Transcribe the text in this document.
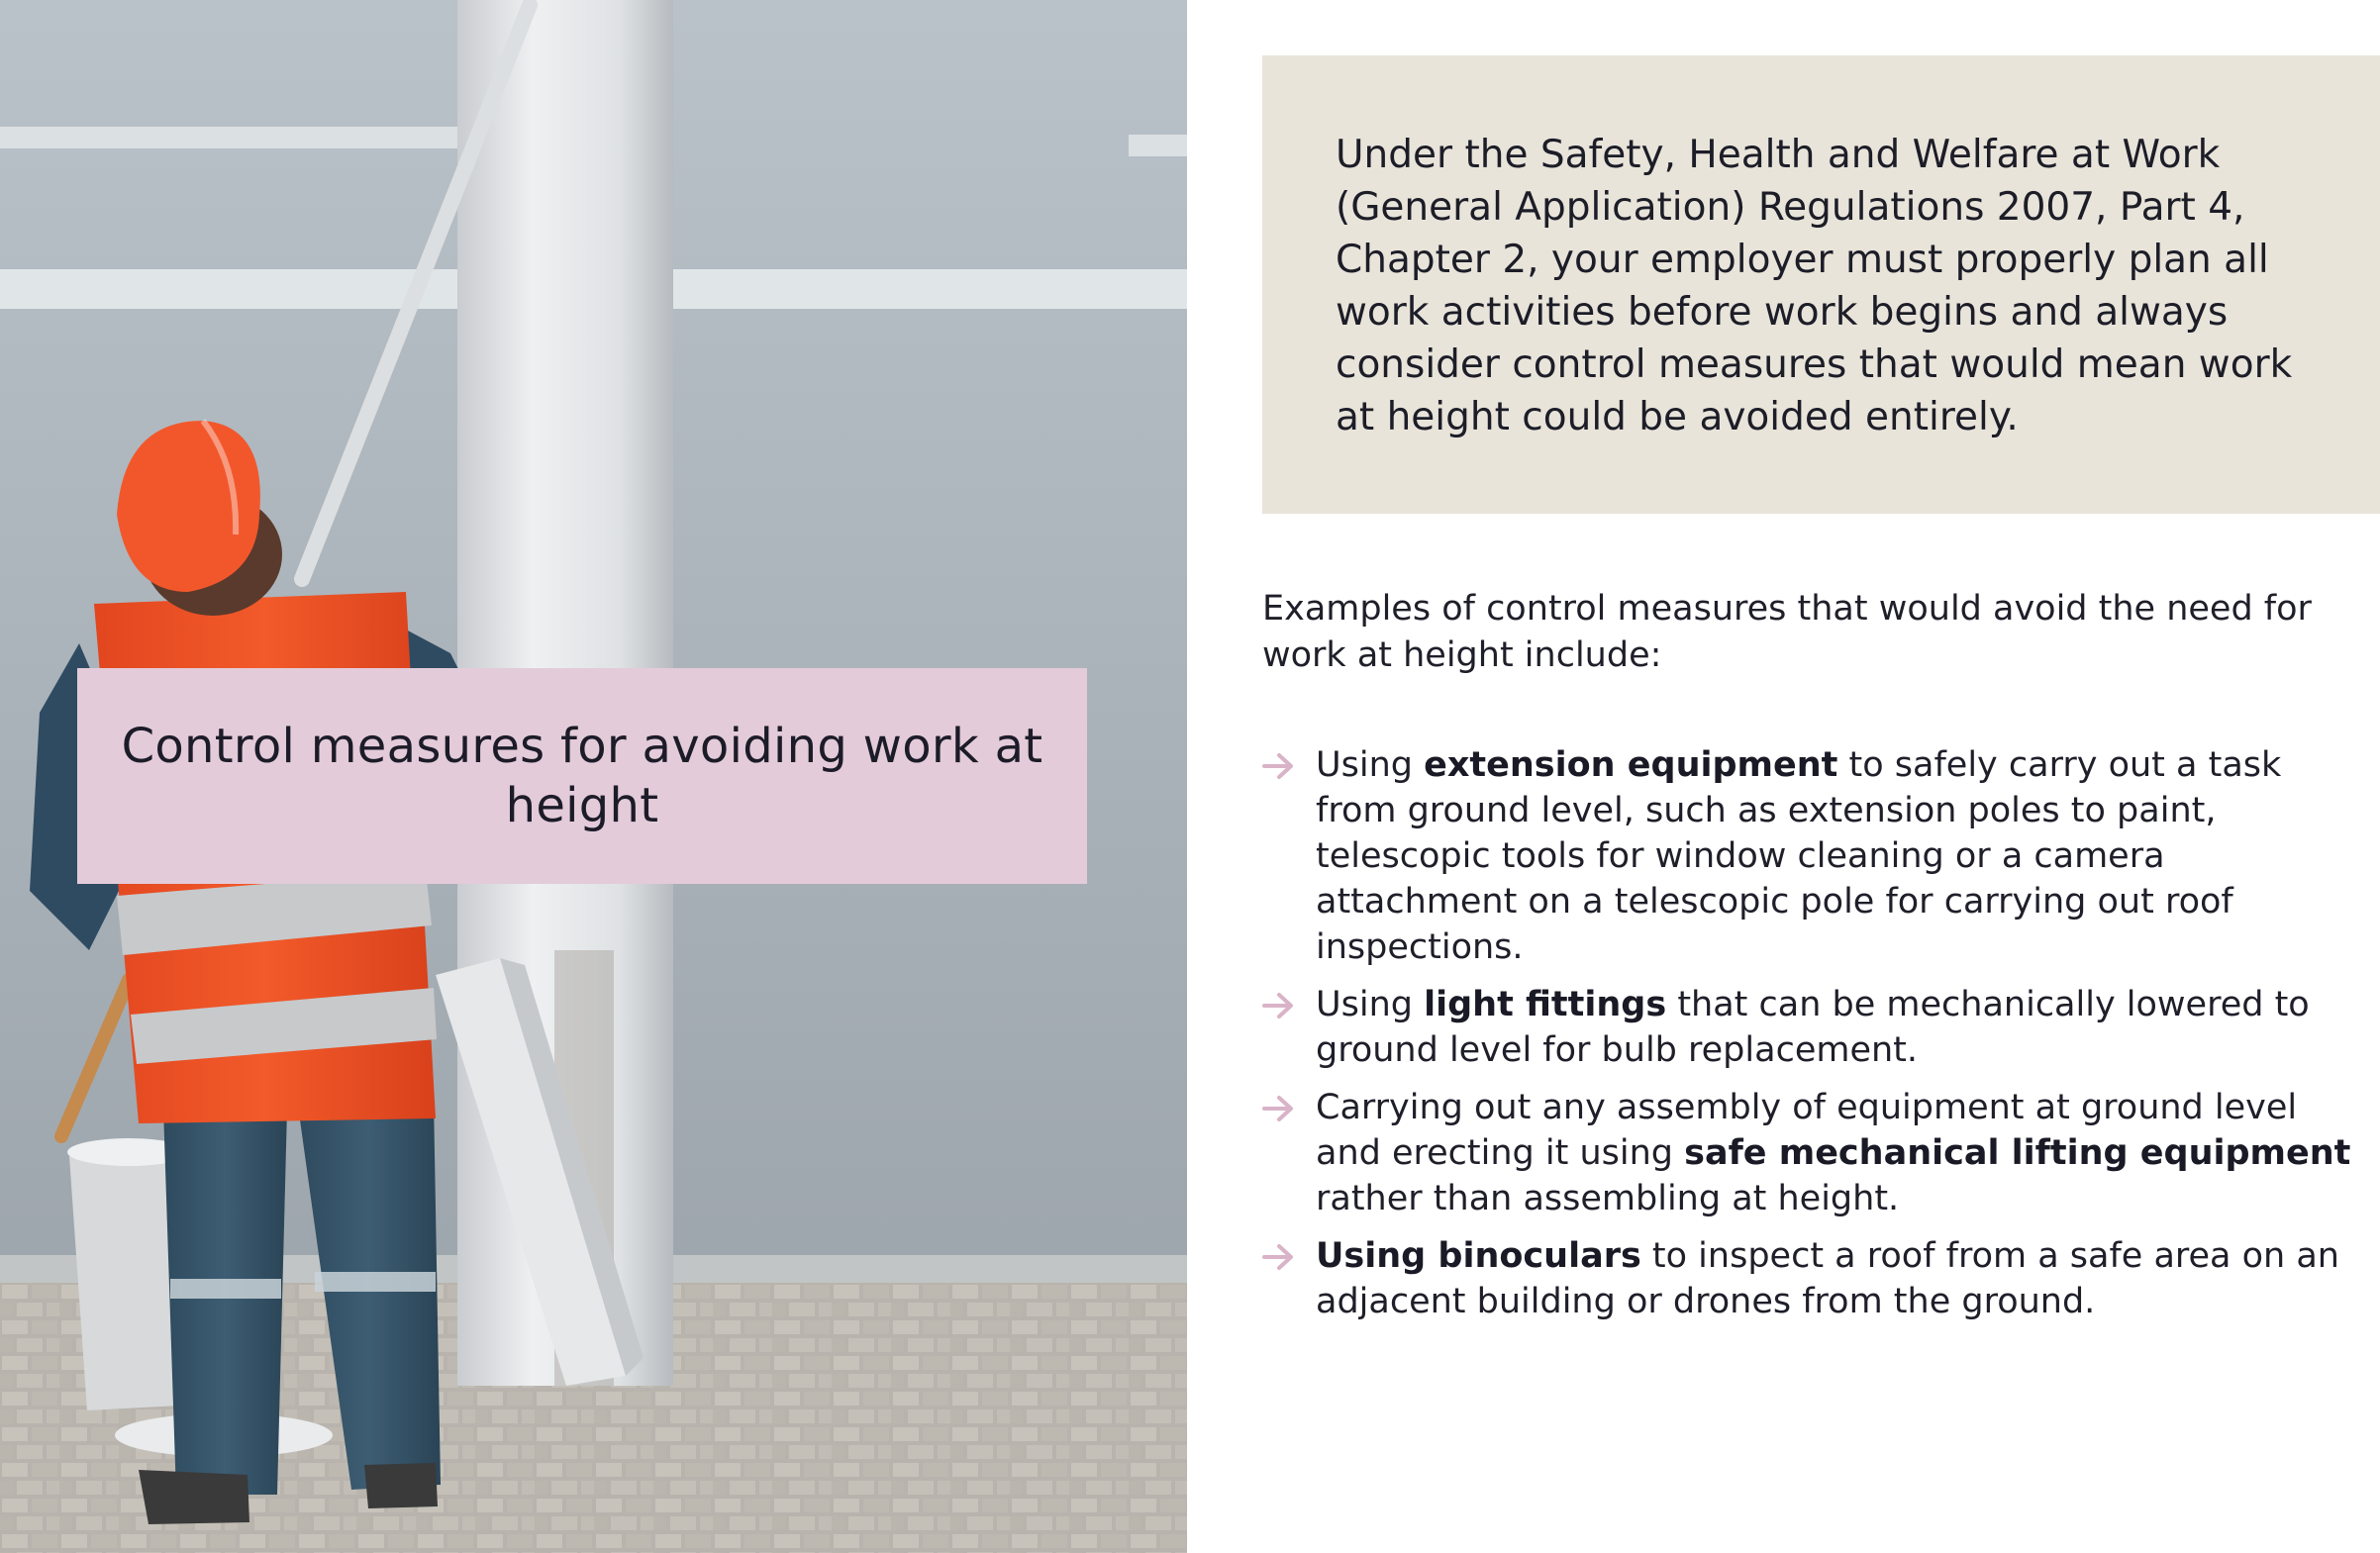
Control measures for avoiding work at height

Under the Safety, Health and Welfare at Work (General Application) Regulations 2007, Part 4, Chapter 2, your employer must properly plan all work activities before work begins and always consider control measures that would mean work at height could be avoided entirely.

Examples of control measures that would avoid the need for work at height include:

Using extension equipment to safely carry out a task from ground level, such as extension poles to paint, telescopic tools for window cleaning or a camera attachment on a telescopic pole for carrying out roof inspections.
Using light fittings that can be mechanically lowered to ground level for bulb replacement.
Carrying out any assembly of equipment at ground level and erecting it using safe mechanical lifting equipment rather than assembling at height.
Using binoculars to inspect a roof from a safe area on an adjacent building or drones from the ground.
